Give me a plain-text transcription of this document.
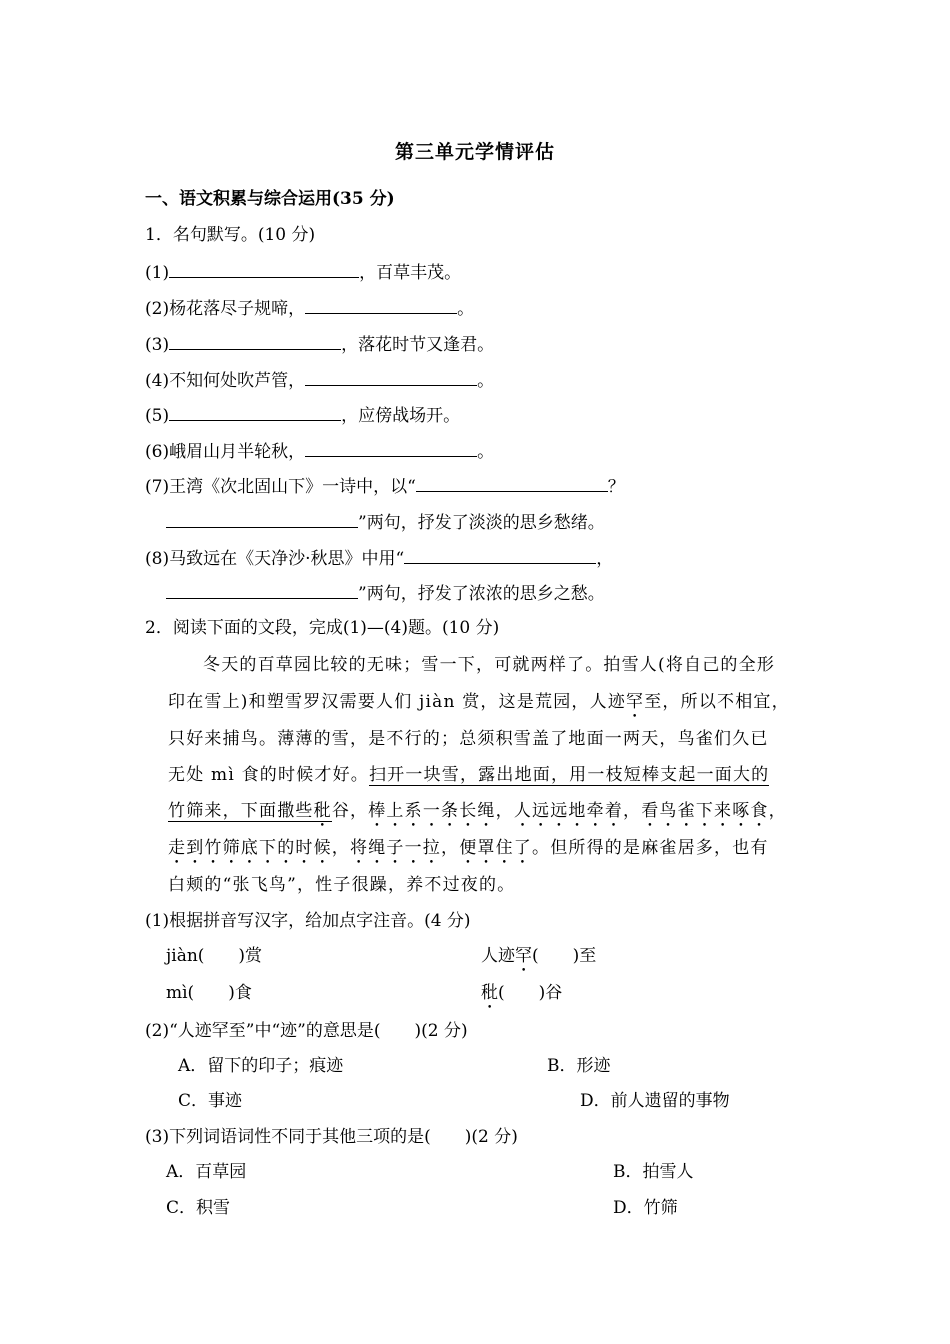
第三单元学情评估
一、语文积累与综合运用(35 分)
1．名句默写。(10 分)
(1)	，百草丰茂。
(2)杨花落尽子规啼，	。
(3)	，落花时节又逢君。
(4)不知何处吹芦管，	。
(5)	，应傍战场开。
(6)峨眉山月半轮秋，	。
(7)王湾《次北固山下》一诗中，以“	？
”两句，抒发了淡淡的思乡愁绪。
(8)马致远在《天净沙·秋思》中用“	，
”两句，抒发了浓浓的思乡之愁。
2．阅读下面的文段，完成(1)—(4)题。(10 分)
冬天的百草园比较的无味；雪一下，可就两样了。拍雪人(将自己的全形
印在雪上)和塑雪罗汉需要人们 jiàn 赏，这是荒园，人迹罕至，所以不相宜，
只好来捕鸟。薄薄的雪，是不行的；总须积雪盖了地面一两天，鸟雀们久已
无处 mì 食的时候才好。扫开一块雪，露出地面，用一枝短棒支起一面大的
竹筛来，下面撒些秕谷，棒上系一条长绳，人远远地牵着，看鸟雀下来啄食，
走到竹筛底下的时候，将绳子一拉，便罩住了。但所得的是麻雀居多，也有
白颊的“张飞鸟”，性子很躁，养不过夜的。
(1)根据拼音写汉字，给加点字注音。(4 分)
jiàn(　　)赏	人迹罕(　　)至
mì(　　)食	秕(　　)谷
(2)“人迹罕至”中“迹”的意思是(　　)(2 分)
A．留下的印子；痕迹	B．形迹
C．事迹	D．前人遗留的事物
(3)下列词语词性不同于其他三项的是(　　)(2 分)
A．百草园	B．拍雪人
C．积雪	D．竹筛
